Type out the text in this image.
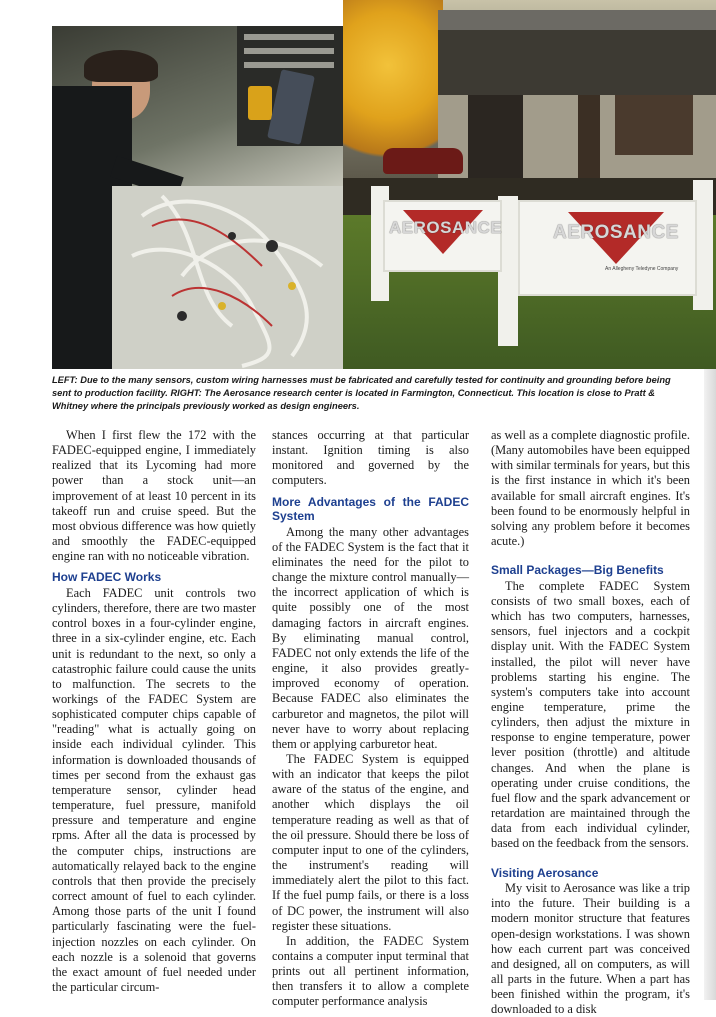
AEROSANCE	AEROSANCE
An Allegheny Teledyne Company

LEFT: Due to the many sensors, custom wiring harnesses must be fabricated and carefully tested for continuity and grounding before being sent to production facility. RIGHT: The Aerosance research center is located in Farmington, Connecticut. This location is close to Pratt & Whitney where the principals previously worked as design engineers.

When I first flew the 172 with the FADEC-equipped engine, I immediately realized that its Lycoming had more power than a stock unit—an improvement of at least 10 percent in its takeoff run and cruise speed. But the most obvious difference was how quietly and smoothly the FADEC-equipped engine ran with no noticeable vibration.

How FADEC Works

Each FADEC unit controls two cylinders, therefore, there are two master control boxes in a four-cylinder engine, three in a six-cylinder engine, etc. Each unit is redundant to the next, so only a catastrophic failure could cause the units to malfunction. The secrets to the workings of the FADEC System are sophisticated computer chips capable of "reading" what is actually going on inside each individual cylinder. This information is downloaded thousands of times per second from the exhaust gas temperature sensor, cylinder head temperature, fuel pressure, manifold pressure and temperature and engine rpms. After all the data is processed by the computer chips, instructions are automatically relayed back to the engine controls that then provide the precisely correct amount of fuel to each cylinder. Among those parts of the unit I found particularly fascinating were the fuel-injection nozzles on each cylinder. On each nozzle is a solenoid that governs the exact amount of fuel needed under the particular circum-

stances occurring at that particular instant. Ignition timing is also monitored and governed by the computers.

More Advantages of the FADEC System

Among the many other advantages of the FADEC System is the fact that it eliminates the need for the pilot to change the mixture control manually—the incorrect application of which is quite possibly one of the most damaging factors in aircraft engines. By eliminating manual control, FADEC not only extends the life of the engine, it also provides greatly-improved economy of operation. Because FADEC also eliminates the carburetor and magnetos, the pilot will never have to worry about replacing them or applying carburetor heat.

The FADEC System is equipped with an indicator that keeps the pilot aware of the status of the engine, and another which displays the oil temperature reading as well as that of the oil pressure. Should there be loss of computer input to one of the cylinders, the instrument's reading will immediately alert the pilot to this fact. If the fuel pump fails, or there is a loss of DC power, the instrument will also register these situations.

In addition, the FADEC System contains a computer input terminal that prints out all pertinent information, then transfers it to allow a complete computer performance analysis

as well as a complete diagnostic profile. (Many automobiles have been equipped with similar terminals for years, but this is the first instance in which it's been available for small aircraft engines. It's been found to be enormously helpful in solving any problem before it becomes acute.)

Small Packages—Big Benefits

The complete FADEC System consists of two small boxes, each of which has two computers, harnesses, sensors, fuel injectors and a cockpit display unit. With the FADEC System installed, the pilot will never have problems starting his engine. The system's computers take into account engine temperature, prime the cylinders, then adjust the mixture in response to engine temperature, power lever position (throttle) and altitude changes. And when the plane is operating under cruise conditions, the fuel flow and the spark advancement or retardation are maintained through the data from each individual cylinder, based on the feedback from the sensors.

Visiting Aerosance

My visit to Aerosance was like a trip into the future. Their building is a modern monitor structure that features open-design workstations. I was shown how each current part was conceived and designed, all on computers, as will all parts in the future. When a part has been finished within the program, it's downloaded to a disk
